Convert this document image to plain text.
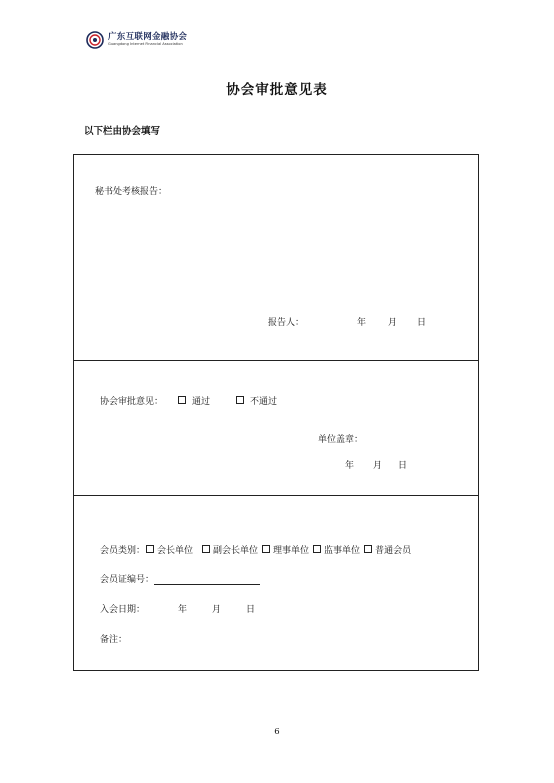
广东互联网金融协会
Guangdong Internet Financial Association
协会审批意见表
以下栏由协会填写
秘书处考核报告：
报告人：	年 月 日
协会审批意见：	通过	不通过
单位盖章：
年 月 日
会员类别： 会长单位 副会长单位 理事单位 监事单位 普通会员
会员证编号：
入会日期：	年	月	日
备注：
6
